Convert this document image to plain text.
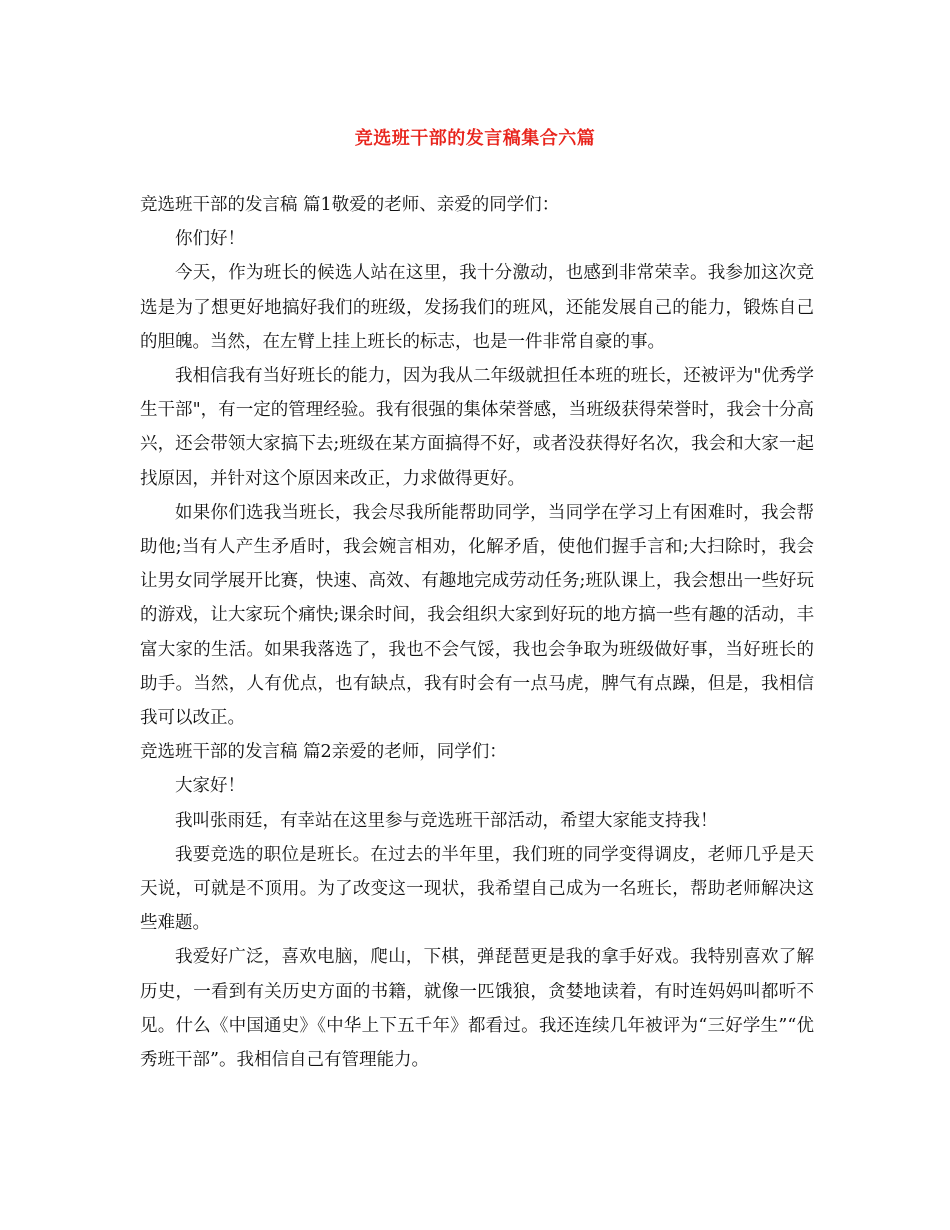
竞选班干部的发言稿集合六篇

竞选班干部的发言稿 篇1敬爱的老师、亲爱的同学们：

你们好！

今天，作为班长的候选人站在这里，我十分激动，也感到非常荣幸。我参加这次竞选是为了想更好地搞好我们的班级，发扬我们的班风，还能发展自己的能力，锻炼自己的胆魄。当然，在左臂上挂上班长的标志，也是一件非常自豪的事。

我相信我有当好班长的能力，因为我从二年级就担任本班的班长，还被评为"优秀学生干部"，有一定的管理经验。我有很强的集体荣誉感，当班级获得荣誉时，我会十分高兴，还会带领大家搞下去;班级在某方面搞得不好，或者没获得好名次，我会和大家一起找原因，并针对这个原因来改正，力求做得更好。

如果你们选我当班长，我会尽我所能帮助同学，当同学在学习上有困难时，我会帮助他;当有人产生矛盾时，我会婉言相劝，化解矛盾，使他们握手言和;大扫除时，我会让男女同学展开比赛，快速、高效、有趣地完成劳动任务;班队课上，我会想出一些好玩的游戏，让大家玩个痛快;课余时间，我会组织大家到好玩的地方搞一些有趣的活动，丰富大家的生活。如果我落选了，我也不会气馁，我也会争取为班级做好事，当好班长的助手。当然，人有优点，也有缺点，我有时会有一点马虎，脾气有点躁，但是，我相信我可以改正。

竞选班干部的发言稿 篇2亲爱的老师，同学们：

大家好！

我叫张雨廷，有幸站在这里参与竞选班干部活动，希望大家能支持我！

我要竞选的职位是班长。在过去的半年里，我们班的同学变得调皮，老师几乎是天天说，可就是不顶用。为了改变这一现状，我希望自己成为一名班长，帮助老师解决这些难题。

我爱好广泛，喜欢电脑，爬山，下棋，弹琵琶更是我的拿手好戏。我特别喜欢了解历史，一看到有关历史方面的书籍，就像一匹饿狼，贪婪地读着，有时连妈妈叫都听不见。什么《中国通史》《中华上下五千年》都看过。我还连续几年被评为“三好学生”“优秀班干部”。我相信自己有管理能力。
